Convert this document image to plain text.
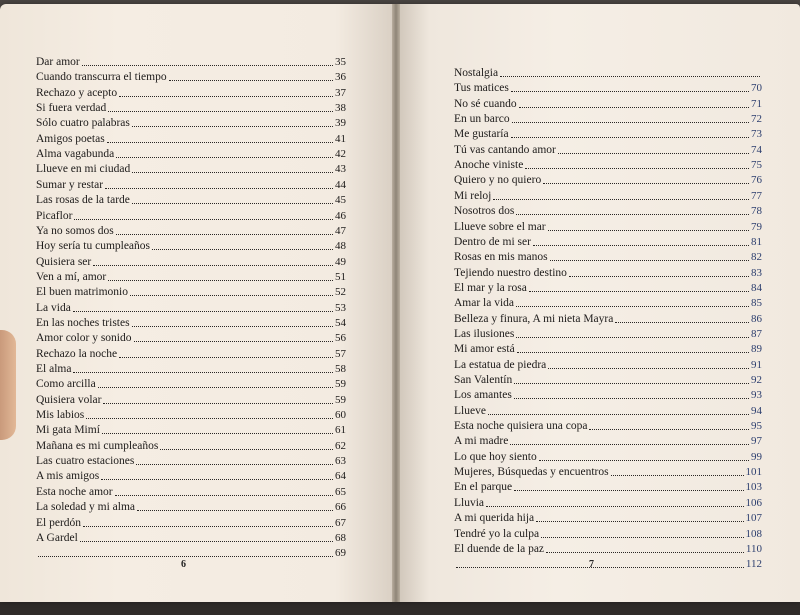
Dar amor	35
Cuando transcurra el tiempo	36
Rechazo y acepto	37
Si fuera verdad	38
Sólo cuatro palabras	39
Amigos poetas	41
Alma vagabunda	42
Llueve en mi ciudad	43
Sumar y restar	44
Las rosas de la tarde	45
Picaflor	46
Ya no somos dos	47
Hoy sería tu cumpleaños	48
Quisiera ser	49
Ven a mí, amor	51
El buen matrimonio	52
La vida	53
En las noches tristes	54
Amor color y sonido	56
Rechazo la noche	57
El alma	58
Como arcilla	59
Quisiera volar	59
Mis labios	60
Mi gata Mimí	61
Mañana es mi cumpleaños	62
Las cuatro estaciones	63
A mis amigos	64
Esta noche amor	65
La soledad y mi alma	66
El perdón	67
A Gardel	68
69
Nostalgia
Tus matices	70
No sé cuando	71
En un barco	72
Me gustaría	73
Tú vas cantando amor	74
Anoche viniste	75
Quiero y no quiero	76
Mi reloj	77
Nosotros dos	78
Llueve sobre el mar	79
Dentro de mi ser	81
Rosas en mis manos	82
Tejiendo nuestro destino	83
El mar y la rosa	84
Amar la vida	85
Belleza y finura, A mi nieta Mayra	86
Las ilusiones	87
Mi amor está	89
La estatua de piedra	91
San Valentín	92
Los amantes	93
Llueve	94
Esta noche quisiera una copa	95
A mi madre	97
Lo que hoy siento	99
Mujeres, Búsquedas y encuentros	101
En el parque	103
Lluvia	106
A mi querida hija	107
Tendré yo la culpa	108
El duende de la paz	110
112
6	7
